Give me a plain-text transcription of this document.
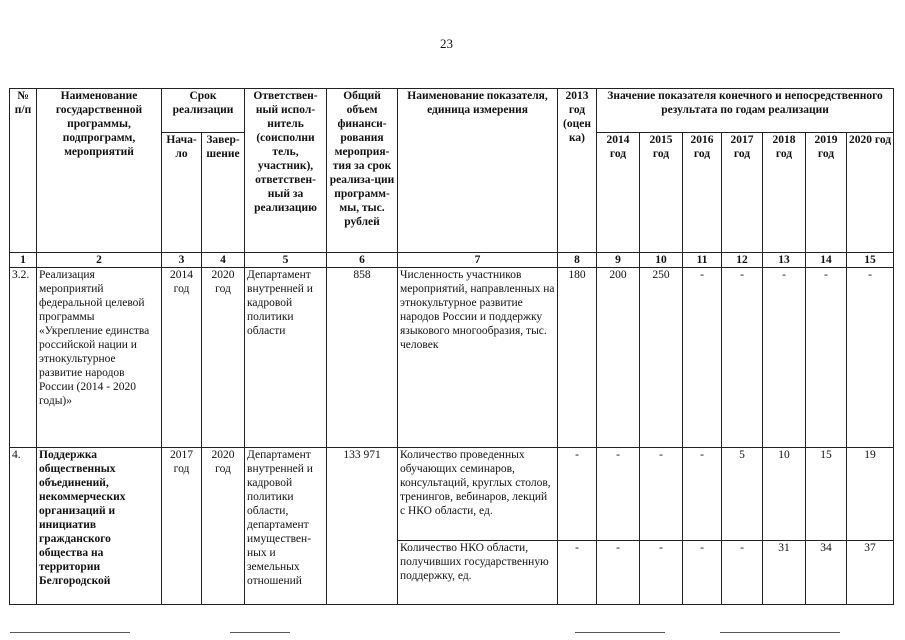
23
№ п/п	Наименование государственной программы, подпрограмм, мероприятий	Срок реализации		Ответствен-ный испол-нитель (соисполни тель, участник), ответствен-ный за реализацию	Общий объем финанси-рования мероприя-тия за срок реализа-ции программ-мы, тыс. рублей	Наименование показателя, единица измерения	2013 год (оцен ка)	Значение показателя конечного и непосредственного результата по годам реализации						
		Нача-ло	Завер-шение					2014 год	2015 год	2016 год	2017 год	2018 год	2019 год	2020 год
1	2	3	4	5	6	7	8	9	10	11	12	13	14	15
3.2.	Реализация мероприятий федеральной целевой программы «Укрепление единства российской нации и этнокультурное развитие народов России (2014 - 2020 годы)»	2014 год	2020 год	Департамент внутренней и кадровой политики области	858	Численность участников мероприятий, направленных на этнокультурное развитие народов России и поддержку языкового многообразия, тыс. человек	180	200	250	-	-	-	-	-
4.	Поддержка общественных объединений, некоммерческих организаций и инициатив гражданского общества на территории Белгородской	2017 год	2020 год	Департамент внутренней и кадровой политики области, департамент имуществен-ных и земельных отношений	133 971	Количество проведенных обучающих семинаров, консультаций, круглых столов, тренингов, вебинаров, лекций с НКО области, ед.	-	-	-	-	5	10	15	19
						Количество НКО области, получивших государственную поддержку, ед.	-	-	-	-	-	31	34	37
